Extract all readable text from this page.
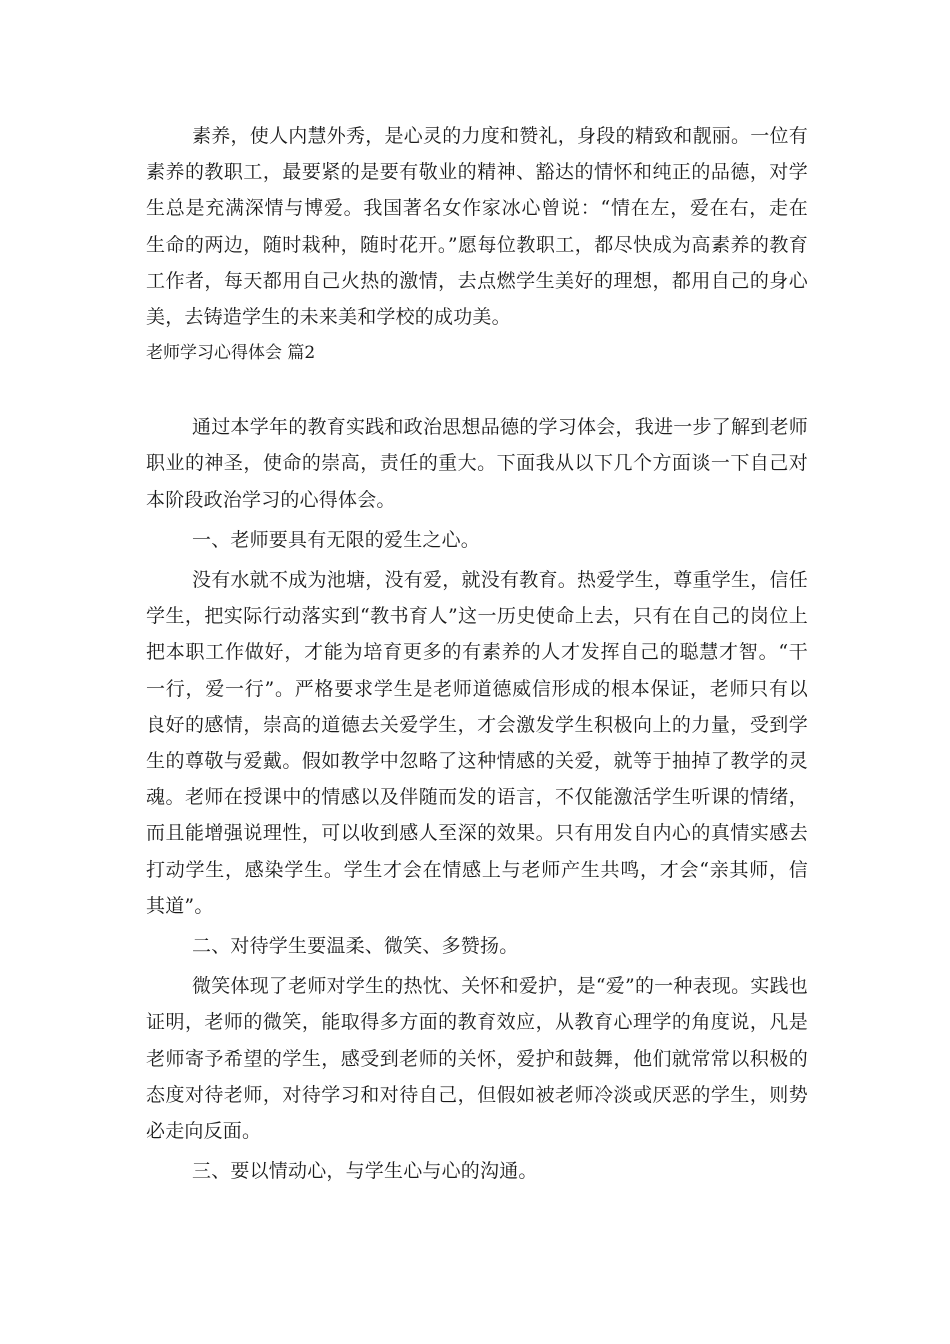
素养，使人内慧外秀，是心灵的力度和赞礼，身段的精致和靓丽。一位有素养的教职工，最要紧的是要有敬业的精神、豁达的情怀和纯正的品德，对学生总是充满深情与博爱。我国著名女作家冰心曾说：“情在左，爱在右，走在生命的两边，随时栽种，随时花开。”愿每位教职工，都尽快成为高素养的教育工作者，每天都用自己火热的激情，去点燃学生美好的理想，都用自己的身心美，去铸造学生的未来美和学校的成功美。

老师学习心得体会 篇2

通过本学年的教育实践和政治思想品德的学习体会，我进一步了解到老师职业的神圣，使命的崇高，责任的重大。下面我从以下几个方面谈一下自己对本阶段政治学习的心得体会。

一、老师要具有无限的爱生之心。

没有水就不成为池塘，没有爱，就没有教育。热爱学生，尊重学生，信任学生，把实际行动落实到“教书育人”这一历史使命上去，只有在自己的岗位上把本职工作做好，才能为培育更多的有素养的人才发挥自己的聪慧才智。“干一行，爱一行”。严格要求学生是老师道德威信形成的根本保证，老师只有以良好的感情，崇高的道德去关爱学生，才会激发学生积极向上的力量，受到学生的尊敬与爱戴。假如教学中忽略了这种情感的关爱，就等于抽掉了教学的灵魂。老师在授课中的情感以及伴随而发的语言，不仅能激活学生听课的情绪，而且能增强说理性，可以收到感人至深的效果。只有用发自内心的真情实感去打动学生，感染学生。学生才会在情感上与老师产生共鸣，才会“亲其师，信其道”。

二、对待学生要温柔、微笑、多赞扬。

微笑体现了老师对学生的热忱、关怀和爱护，是“爱”的一种表现。实践也证明，老师的微笑，能取得多方面的教育效应，从教育心理学的角度说，凡是老师寄予希望的学生，感受到老师的关怀，爱护和鼓舞，他们就常常以积极的态度对待老师，对待学习和对待自己，但假如被老师冷淡或厌恶的学生，则势必走向反面。

三、要以情动心，与学生心与心的沟通。
